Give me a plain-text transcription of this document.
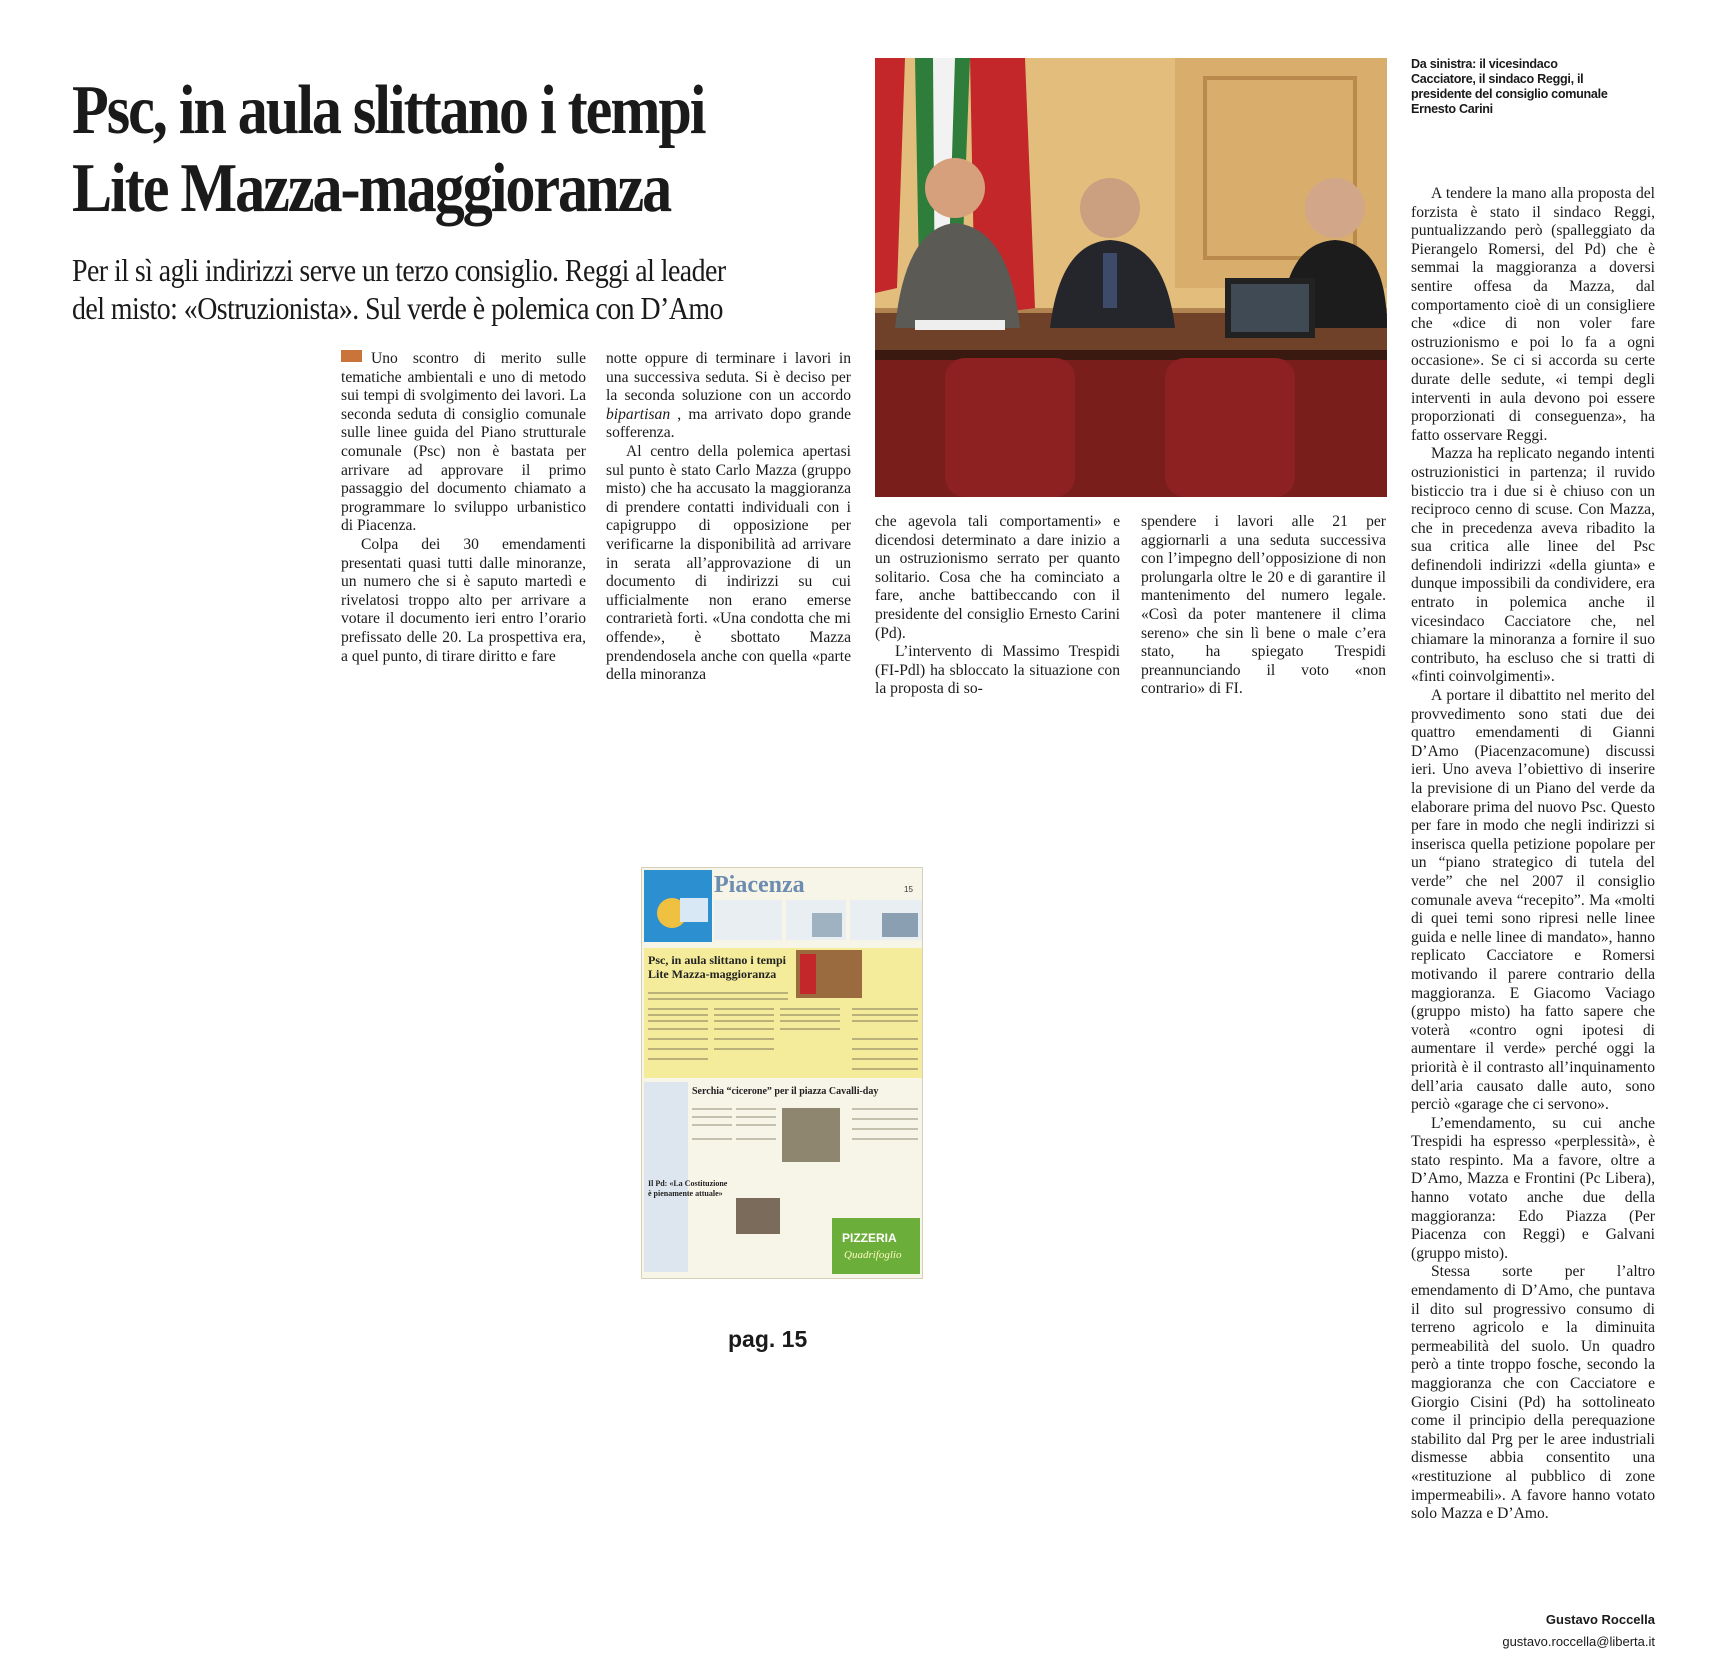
Psc, in aula slittano i tempi
Lite Mazza-maggioranza
Per il sì agli indirizzi serve un terzo consiglio. Reggi al leader
del misto: «Ostruzionista». Sul verde è polemica con D’Amo

Uno scontro di merito sulle tematiche ambientali e uno di metodo sui tempi di svolgimento dei lavori. La seconda seduta di consiglio comunale sulle linee guida del Piano strutturale comunale (Psc) non è bastata per arrivare ad approvare il primo passaggio del documento chiamato a programmare lo sviluppo urbanistico di Piacenza.

Colpa dei 30 emendamenti presentati quasi tutti dalle minoranze, un numero che si è saputo martedì e rivelatosi troppo alto per arrivare a votare il documento ieri entro l’orario prefissato delle 20. La prospettiva era, a quel punto, di tirare diritto e fare

notte oppure di terminare i lavori in una successiva seduta. Si è deciso per la seconda soluzione con un accordo bipartisan , ma arrivato dopo grande sofferenza.

Al centro della polemica apertasi sul punto è stato Carlo Mazza (gruppo misto) che ha accusato la maggioranza di prendere contatti individuali con i capigruppo di opposizione per verificarne la disponibilità ad arrivare in serata all’approvazione di un documento di indirizzi su cui ufficialmente non erano emerse contrarietà forti. «Una condotta che mi offende», è sbottato Mazza prendendosela anche con quella «parte della minoranza

Da sinistra: il vicesindaco Cacciatore, il sindaco Reggi, il presidente del consiglio comunale Ernesto Carini

che agevola tali comportamenti» e dicendosi determinato a dare inizio a un ostruzionismo serrato per quanto solitario. Cosa che ha cominciato a fare, anche battibeccando con il presidente del consiglio Ernesto Carini (Pd).

L’intervento di Massimo Trespidi (FI-Pdl) ha sbloccato la situazione con la proposta di so-

spendere i lavori alle 21 per aggiornarli a una seduta successiva con l’impegno dell’opposizione di non prolungarla oltre le 20 e di garantire il mantenimento del numero legale. «Così da poter mantenere il clima sereno» che sin lì bene o male c’era stato, ha spiegato Trespidi preannunciando il voto «non contrario» di FI.

A tendere la mano alla proposta del forzista è stato il sindaco Reggi, puntualizzando però (spalleggiato da Pierangelo Romersi, del Pd) che è semmai la maggioranza a doversi sentire offesa da Mazza, dal comportamento cioè di un consigliere che «dice di non voler fare ostruzionismo e poi lo fa a ogni occasione». Se ci si accorda su certe durate delle sedute, «i tempi degli interventi in aula devono poi essere proporzionati di conseguenza», ha fatto osservare Reggi.

Mazza ha replicato negando intenti ostruzionistici in partenza; il ruvido bisticcio tra i due si è chiuso con un reciproco cenno di scuse. Con Mazza, che in precedenza aveva ribadito la sua critica alle linee del Psc definendoli indirizzi «della giunta» e dunque impossibili da condividere, era entrato in polemica anche il vicesindaco Cacciatore che, nel chiamare la minoranza a fornire il suo contributo, ha escluso che si tratti di «finti coinvolgimenti».

A portare il dibattito nel merito del provvedimento sono stati due dei quattro emendamenti di Gianni D’Amo (Piacenzacomune) discussi ieri. Uno aveva l’obiettivo di inserire la previsione di un Piano del verde da elaborare prima del nuovo Psc. Questo per fare in modo che negli indirizzi si inserisca quella petizione popolare per un “piano strategico di tutela del verde” che nel 2007 il consiglio comunale aveva “recepito”. Ma «molti di quei temi sono ripresi nelle linee guida e nelle linee di mandato», hanno replicato Cacciatore e Romersi motivando il parere contrario della maggioranza. E Giacomo Vaciago (gruppo misto) ha fatto sapere che voterà «contro ogni ipotesi di aumentare il verde» perché oggi la priorità è il contrasto all’inquinamento dell’aria causato dalle auto, sono perciò «garage che ci servono».

L’emendamento, su cui anche Trespidi ha espresso «perplessità», è stato respinto. Ma a favore, oltre a D’Amo, Mazza e Frontini (Pc Libera), hanno votato anche due della maggioranza: Edo Piazza (Per Piacenza con Reggi) e Galvani (gruppo misto).

Stessa sorte per l’altro emendamento di D’Amo, che puntava il dito sul progressivo consumo di terreno agricolo e la diminuita permeabilità del suolo. Un quadro però a tinte troppo fosche, secondo la maggioranza che con Cacciatore e Giorgio Cisini (Pd) ha sottolineato come il principio della perequazione stabilito dal Prg per le aree industriali dismesse abbia consentito una «restituzione al pubblico di zone impermeabili». A favore hanno votato solo Mazza e D’Amo.

Piacenza	15
Psc, in aula slittano i tempi
Lite Mazza-maggioranza
Serchia “cicerone” per il piazza Cavalli-day
Il Pd: «La Costituzione
è pienamente attuale»
PIZZERIA
Quadrifoglio
pag. 15
Gustavo Roccella
gustavo.roccella@liberta.it
